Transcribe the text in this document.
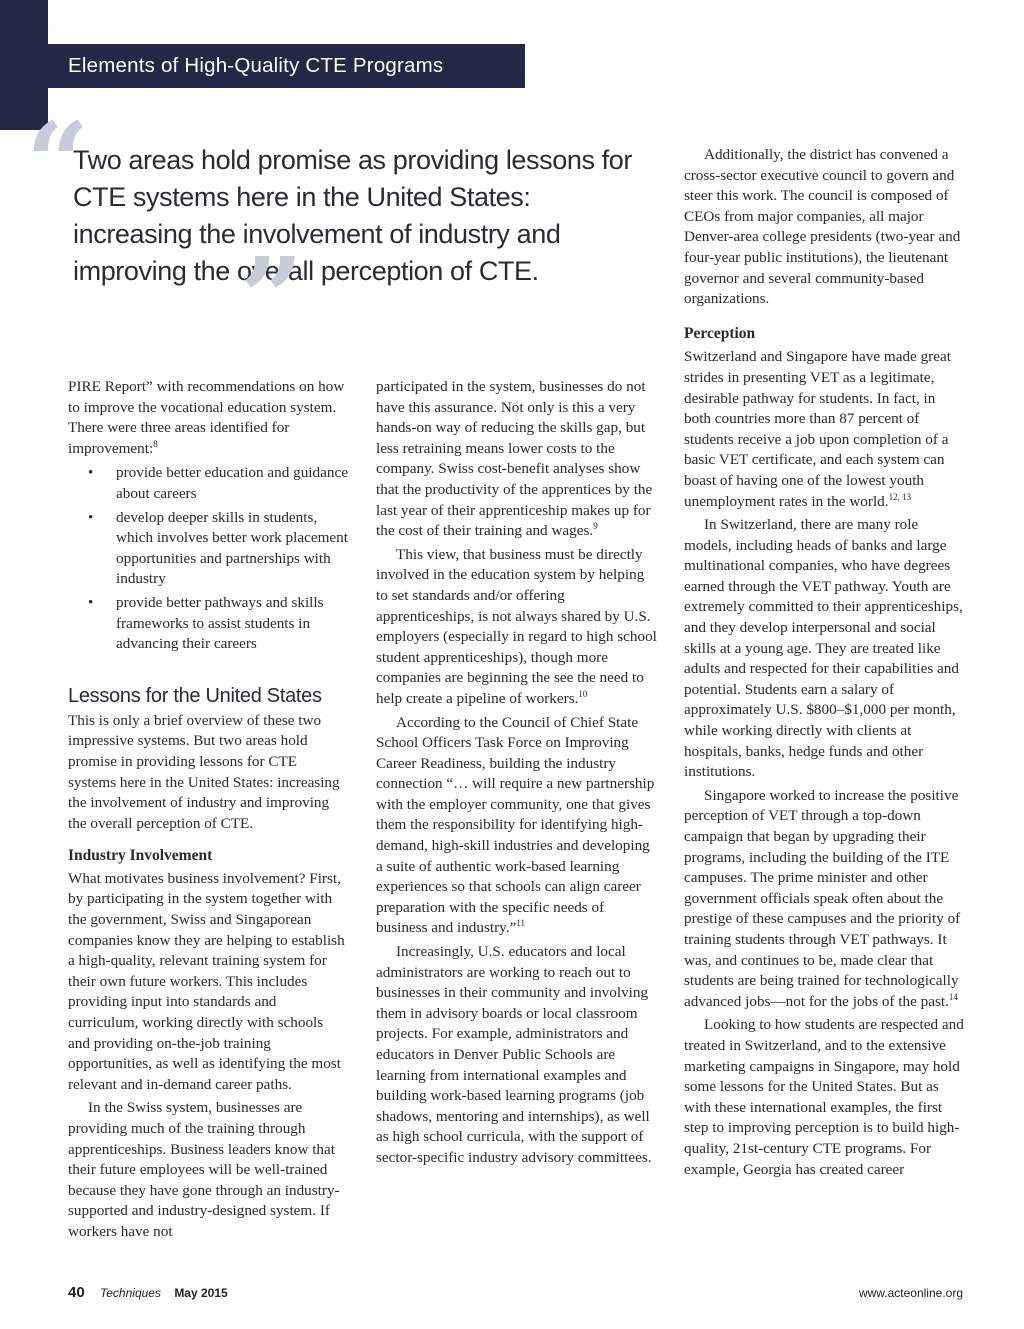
Elements of High-Quality CTE Programs
“

Two areas hold promise as providing lessons for CTE systems here in the United States: increasing the involvement of industry and improving the overall perception of CTE.

”

PIRE Report” with recommendations on how to improve the vocational education system. There were three areas identified for improvement:$^8$

• provide better education and guidance about careers
• develop deeper skills in students, which involves better work placement opportunities and partnerships with industry
• provide better pathways and skills frameworks to assist students in advancing their careers
Lessons for the United States

This is only a brief overview of these two impressive systems. But two areas hold promise in providing lessons for CTE systems here in the United States: increasing the involvement of industry and improving the overall perception of CTE.

Industry Involvement

What motivates business involvement? First, by participating in the system together with the government, Swiss and Singaporean companies know they are helping to establish a high-quality, relevant training system for their own future workers. This includes providing input into standards and curriculum, working directly with schools and providing on-the-job training opportunities, as well as identifying the most relevant and in-demand career paths.

In the Swiss system, businesses are providing much of the training through apprenticeships. Business leaders know that their future employees will be well-trained because they have gone through an industry-supported and industry-designed system. If workers have not

participated in the system, businesses do not have this assurance. Not only is this a very hands-on way of reducing the skills gap, but less retraining means lower costs to the company. Swiss cost-benefit analyses show that the productivity of the apprentices by the last year of their apprenticeship makes up for the cost of their training and wages.$^9$

This view, that business must be directly involved in the education system by helping to set standards and/or offering apprenticeships, is not always shared by U.S. employers (especially in regard to high school student apprenticeships), though more companies are beginning the see the need to help create a pipeline of workers.$^{10}$

According to the Council of Chief State School Officers Task Force on Improving Career Readiness, building the industry connection “… will require a new partnership with the employer community, one that gives them the responsibility for identifying high-demand, high-skill industries and developing a suite of authentic work-based learning experiences so that schools can align career preparation with the specific needs of business and industry.”$^{11}$

Increasingly, U.S. educators and local administrators are working to reach out to businesses in their community and involving them in advisory boards or local classroom projects. For example, administrators and educators in Denver Public Schools are learning from international examples and building work-based learning programs (job shadows, mentoring and internships), as well as high school curricula, with the support of sector-specific industry advisory committees.

Additionally, the district has convened a cross-sector executive council to govern and steer this work. The council is composed of CEOs from major companies, all major Denver-area college presidents (two-year and four-year public institutions), the lieutenant governor and several community-based organizations.

Perception

Switzerland and Singapore have made great strides in presenting VET as a legitimate, desirable pathway for students. In fact, in both countries more than 87 percent of students receive a job upon completion of a basic VET certificate, and each system can boast of having one of the lowest youth unemployment rates in the world.$^{12, 13}$

In Switzerland, there are many role models, including heads of banks and large multinational companies, who have degrees earned through the VET pathway. Youth are extremely committed to their apprenticeships, and they develop interpersonal and social skills at a young age. They are treated like adults and respected for their capabilities and potential. Students earn a salary of approximately U.S. $800–$1,000 per month, while working directly with clients at hospitals, banks, hedge funds and other institutions.

Singapore worked to increase the positive perception of VET through a top-down campaign that began by upgrading their programs, including the building of the ITE campuses. The prime minister and other government officials speak often about the prestige of these campuses and the priority of training students through VET pathways. It was, and continues to be, made clear that students are being trained for technologically advanced jobs—not for the jobs of the past.$^{14}$

Looking to how students are respected and treated in Switzerland, and to the extensive marketing campaigns in Singapore, may hold some lessons for the United States. But as with these international examples, the first step to improving perception is to build high-quality, 21st-century CTE programs. For example, Georgia has created career

40 Techniques May 2015	www.acteonline.org
